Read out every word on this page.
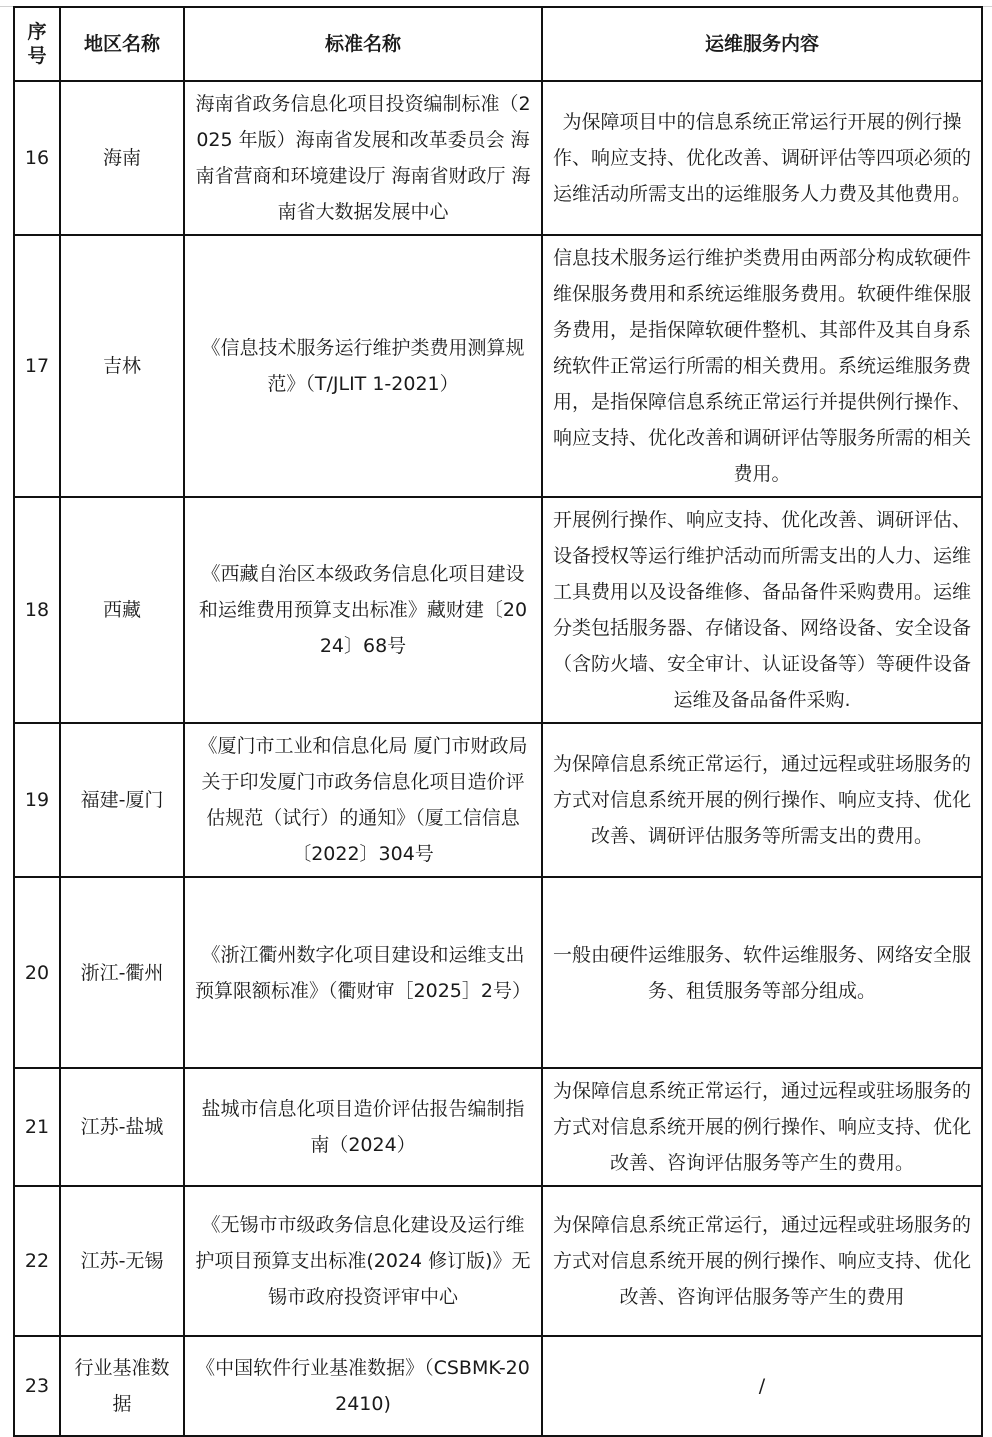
序
号	地区名称	标准名称	运维服务内容
16	海南	海南省政务信息化项目投资编制标准（2025 年版）海南省发展和改革委员会 海南省营商和环境建设厅 海南省财政厅 海南省大数据发展中心	为保障项目中的信息系统正常运行开展的例行操作、响应支持、优化改善、调研评估等四项必须的运维活动所需支出的运维服务人力费及其他费用。
17	吉林	《信息技术服务运行维护类费用测算规范》（T/JLIT 1-2021）	信息技术服务运行维护类费用由两部分构成软硬件维保服务费用和系统运维服务费用。软硬件维保服务费用，是指保障软硬件整机、其部件及其自身系统软件正常运行所需的相关费用。系统运维服务费用，是指保障信息系统正常运行并提供例行操作、响应支持、优化改善和调研评估等服务所需的相关费用。
18	西藏	《西藏自治区本级政务信息化项目建设和运维费用预算支出标准》藏财建〔2024〕68号	开展例行操作、响应支持、优化改善、调研评估、设备授权等运行维护活动而所需支出的人力、运维工具费用以及设备维修、备品备件采购费用。运维分类包括服务器、存储设备、网络设备、安全设备（含防火墙、安全审计、认证设备等）等硬件设备运维及备品备件采购.
19	福建-厦门	《厦门市工业和信息化局 厦门市财政局关于印发厦门市政务信息化项目造价评估规范（试行）的通知》（厦工信信息〔2022〕304号	为保障信息系统正常运行，通过远程或驻场服务的方式对信息系统开展的例行操作、响应支持、优化改善、调研评估服务等所需支出的费用。
20	浙江-衢州	《浙江衢州数字化项目建设和运维支出预算限额标准》（衢财审［2025］2号）	一般由硬件运维服务、软件运维服务、网络安全服务、租赁服务等部分组成。
21	江苏-盐城	盐城市信息化项目造价评估报告编制指南（2024）	为保障信息系统正常运行，通过远程或驻场服务的方式对信息系统开展的例行操作、响应支持、优化改善、咨询评估服务等产生的费用。
22	江苏-无锡	《无锡市市级政务信息化建设及运行维护项目预算支出标准(2024 修订版)》无锡市政府投资评审中心	为保障信息系统正常运行，通过远程或驻场服务的方式对信息系统开展的例行操作、响应支持、优化改善、咨询评估服务等产生的费用
23	行业基准数据	《中国软件行业基准数据》（CSBMK-202410)	/
